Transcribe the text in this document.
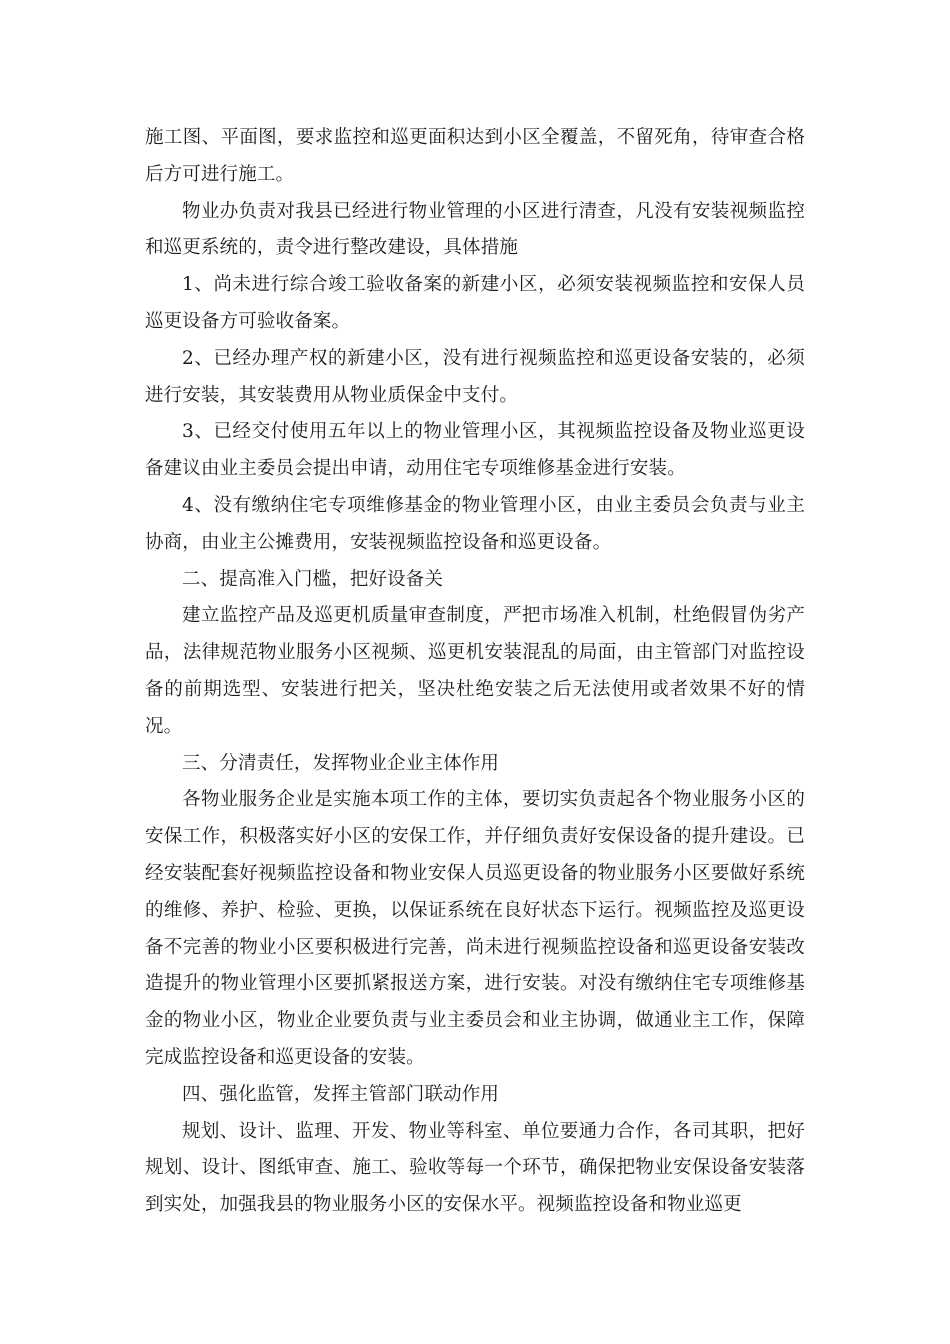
施工图、平面图，要求监控和巡更面积达到小区全覆盖，不留死角，待审查合格后方可进行施工。

物业办负责对我县已经进行物业管理的小区进行清查，凡没有安装视频监控和巡更系统的，责令进行整改建设，具体措施

1、尚未进行综合竣工验收备案的新建小区，必须安装视频监控和安保人员巡更设备方可验收备案。

2、已经办理产权的新建小区，没有进行视频监控和巡更设备安装的，必须进行安装，其安装费用从物业质保金中支付。

3、已经交付使用五年以上的物业管理小区，其视频监控设备及物业巡更设备建议由业主委员会提出申请，动用住宅专项维修基金进行安装。

4、没有缴纳住宅专项维修基金的物业管理小区，由业主委员会负责与业主协商，由业主公摊费用，安装视频监控设备和巡更设备。

二、提高准入门槛，把好设备关

建立监控产品及巡更机质量审查制度，严把市场准入机制，杜绝假冒伪劣产品，法律规范物业服务小区视频、巡更机安装混乱的局面，由主管部门对监控设备的前期选型、安装进行把关，坚决杜绝安装之后无法使用或者效果不好的情况。

三、分清责任，发挥物业企业主体作用

各物业服务企业是实施本项工作的主体，要切实负责起各个物业服务小区的安保工作，积极落实好小区的安保工作，并仔细负责好安保设备的提升建设。已经安装配套好视频监控设备和物业安保人员巡更设备的物业服务小区要做好系统的维修、养护、检验、更换，以保证系统在良好状态下运行。视频监控及巡更设备不完善的物业小区要积极进行完善，尚未进行视频监控设备和巡更设备安装改造提升的物业管理小区要抓紧报送方案，进行安装。对没有缴纳住宅专项维修基金的物业小区，物业企业要负责与业主委员会和业主协调，做通业主工作，保障完成监控设备和巡更设备的安装。

四、强化监管，发挥主管部门联动作用

规划、设计、监理、开发、物业等科室、单位要通力合作，各司其职，把好规划、设计、图纸审查、施工、验收等每一个环节，确保把物业安保设备安装落到实处，加强我县的物业服务小区的安保水平。视频监控设备和物业巡更
